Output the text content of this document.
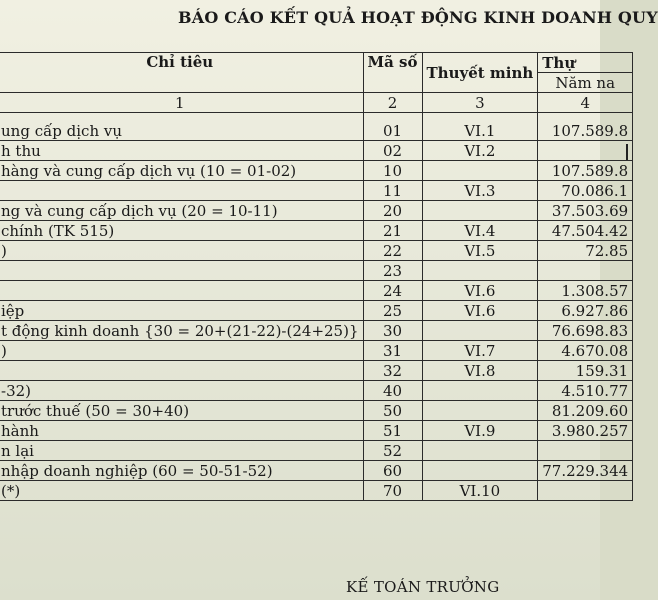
BÁO CÁO KẾT QUẢ HOẠT ĐỘNG KINH DOANH QUY
Chỉ tiêu	Mã số	Thuyết minh	Thự
			Năm na
1	2	3	4
ung cấp dịch vụ	01	VI.1	107.589.8
h thu	02	VI.2	
hàng và cung cấp dịch vụ (10 = 01-02)	10		107.589.8
	11	VI.3	70.086.1
ng và cung cấp dịch vụ (20 = 10-11)	20		37.503.69
chính (TK 515)	21	VI.4	47.504.42
)	22	VI.5	72.85
	23		
	24	VI.6	1.308.57
iệp	25	VI.6	6.927.86
t động kinh doanh {30 = 20+(21-22)-(24+25)}	30		76.698.83
)	31	VI.7	4.670.08
	32	VI.8	159.31
-32)	40		4.510.77
trước thuế (50 = 30+40)	50		81.209.60
hành	51	VI.9	3.980.257
n lại	52		
nhập doanh nghiệp (60 = 50-51-52)	60		77.229.344
(*)	70	VI.10	
KẾ TOÁN TRƯỞNG
